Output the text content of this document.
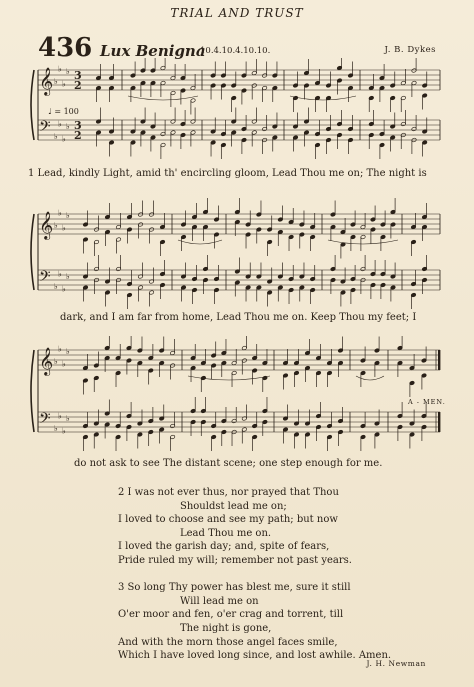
TRIAL AND TRUST
436 Lux Benigna
10.4.10.4.10.10.	J. B. Dykes
𝄞
𝄢
♭
♭
♭
♭
♭
♭
♭
♭
3
2
3
2
♩ = 100
1 Lead, kindly Light, amid th' encircling gloom, Lead Thou me on; The night is
𝄞
𝄢
♭
♭
♭
♭
♭
♭
♭
♭
dark, and I am far from home, Lead Thou me on. Keep Thou my feet; I
𝄞
𝄢
♭
♭
♭
♭
♭
♭
♭
♭
A - MEN.
do not ask to see The distant scene; one step enough for me.
2 I was not ever thus, nor prayed that Thou
Shouldst lead me on;
I loved to choose and see my path; but now
Lead Thou me on.
I loved the garish day; and, spite of fears,
Pride ruled my will; remember not past years.
3 So long Thy power has blest me, sure it still
Will lead me on
O'er moor and fen, o'er crag and torrent, till
The night is gone,
And with the morn those angel faces smile,
Which I have loved long since, and lost awhile. Amen.
J. H. Newman
